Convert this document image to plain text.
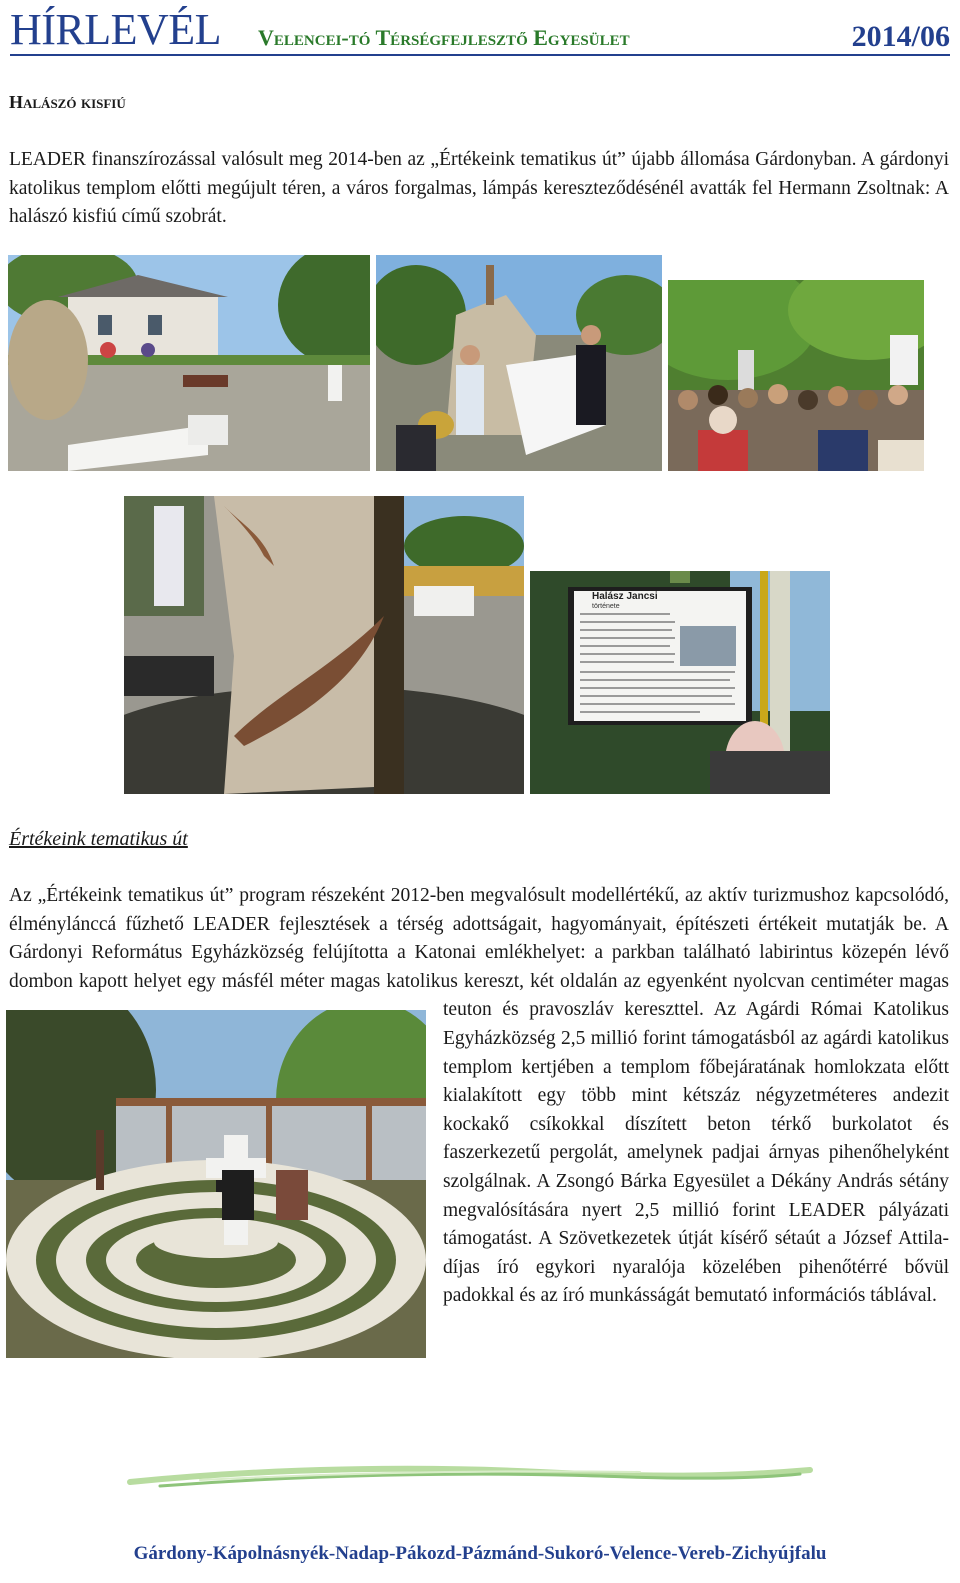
HÍRLEVÉL Velencei-tó Térségfejlesztő Egyesület	2014/06
Halászó kisfiú
LEADER finanszírozással valósult meg 2014-ben az „Értékeink tematikus út” újabb állomása Gárdonyban. A gárdonyi katolikus templom előtti megújult téren, a város forgalmas, lámpás kereszteződésénél avatták fel Hermann Zsoltnak: A halászó kisfiú című szobrát.
Halász Jancsi
története
Értékeink tematikus út
Az „Értékeink tematikus út” program részeként 2012-ben megvalósult modellértékű, az aktív turizmushoz kapcsolódó, élménylánccá fűzhető LEADER fejlesztések a térség adottságait, hagyományait, építészeti értékeit mutatják be. A Gárdonyi Református Egyházközség felújította a Katonai emlékhelyet: a parkban található labirintus közepén lévő dombon kapott helyet egy másfél méter magas katolikus kereszt, két oldalán az egyenként nyolcvan centiméter magas teuton és pravoszláv kereszttel. Az Agárdi Római Katolikus Egyházközség 2,5 millió forint támogatásból az agárdi katolikus templom kertjében a templom főbejáratának homlokzata előtt kialakított egy több mint kétszáz négyzetméteres andezit kockakő csíkokkal díszített beton térkő burkolatot és faszerkezetű pergolát, amelynek padjai árnyas pihenőhelyként szolgálnak. A Zsongó Bárka Egyesület a Dékány András sétány megvalósítására nyert 2,5 millió forint LEADER pályázati támogatást. A Szövetkezetek útját kísérő sétaút a József Attila-díjas író egykori nyaralója közelében pihenőtérré bővül padokkal és az író munkásságát bemutató információs táblával.
Gárdony-Kápolnásnyék-Nadap-Pákozd-Pázmánd-Sukoró-Velence-Vereb-Zichyújfalu
